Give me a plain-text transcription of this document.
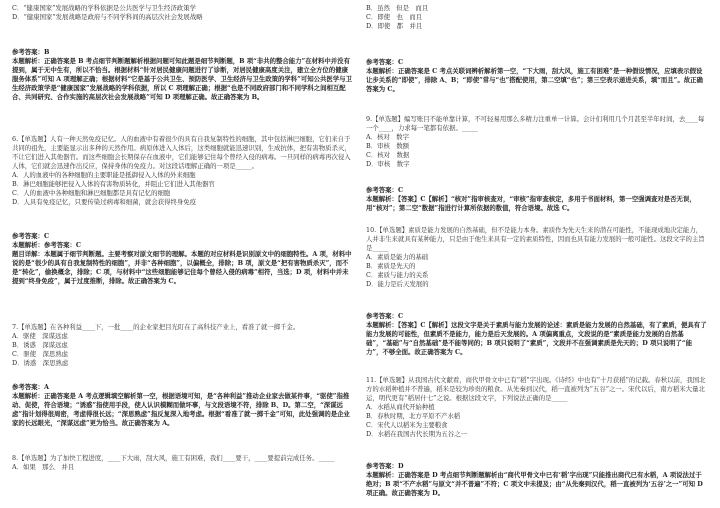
C．“健康国家”发展战略的学科依据是公共医学与卫生经济政策学

D．“健康国家”发展战略是政府与不同学科间的高层次社会发展战略

参考答案：B

本题解析：正确答案是 B 考点细节判断题解析根据问题可知此题是细节判断题，B 项“非共的整合能力”在材料中并没有提到，属于无中生有，所以不恰当。根据材料“针对居民健康问题进行了诊断，对居民健康高度关注，建立全方位的健康服务体系”可知 A 项理解正确；根据材料“它是基于公共卫生、预防医学、卫生经济与卫生政策的学科”可知公共医学与卫生经济政策学是“健康国家”发展战略的学科依据，所以 C 项理解正确；根据“也是不同政府部门和不同学科之间相互配合、共同研究、合作实施的高层次社会发展战略”可知 D 项理解正确。故正确答案为 B。

6.【单选题】人有一种天然免疫记忆。人的血液中有着很少的具有自我复制特性的细胞，其中包括淋巴细胞，它们来自于共同的祖先，主要能显示出多种的天然作用。病原体进入人体后，这类细胞就能迅速识别，生成抗体，把有害物质杀灭，不让它们进入其他器官。而这些细胞会长期保存在血液中，它们能够记住每个曾经入侵的病毒。一旦同样的病毒再次侵入人体，它们就会迅速作出反应，保持身体的免疫力。对这段话理解正确的一项是_____。

A．人的血液中的各种细胞的主要职能是抵御侵入人体的外来细胞

B．淋巴细胞能够把侵入人体的有害物质转化，并阻止它们进入其他器官

C．人的血液中各种细胞和淋巴细胞都是具有记忆的细胞

D．人具有免疫记忆，只要传染过病毒和细菌，就会获得终身免疫

参考答案：C

本题解析：参考答案：C

题目详解：本题属于细节判断题。主要考察对原文细节的理解。本题的对应材料是识别原文中的细胞特性。A 项，材料中说的是“很少的具有自我复制特性的细胞”，并非“各种细胞”，以偏概全，排除；B 项，原文是“把有害物质杀灭”，而不是“转化”，偷换概念，排除；C 项，与材料中“这些细胞能够记住每个曾经入侵的病毒”相符，当选；D 项，材料中并未提到“终身免疫”，属于过度推断，排除。故正确答案为 C。

7.【单选题】在各种利益____下，一批____的企业家把目光盯在了高科技产业上，看准了就一掷千金。

A．驱使　深谋远虑

B．诱惑　深谋远虑

C．驱使　深思熟虑

D．诱惑　深思熟虑

参考答案：A

本题解析：正确答案是 A 考点逻辑填空解析第一空，根据语境可知，是“各种利益”推动企业家去做某件事，“驱使”指推动、促使，符合语境；“诱惑”指使用手段，使人认识模糊而做坏事，与文段语境不符，排除 B、D。第二空，“深谋远虑”指计划得很周密，考虑得很长远；“深思熟虑”指反复深入地考虑。根据“看准了就一掷千金”可知，此处强调的是企业家的长远眼光，“深谋远虑”更为恰当。故正确答案为 A。

8.【单选题】为了加快工程进度，____下大雨，刮大风，施工有困难，我们____要干，____要提前完成任务。_____

A．如果　那么　并且

B．虽然　但是　而且

C．即使　也　而且

D．即使　都　并且

参考答案：C

本题解析：正确答案是 C 考点关联词辨析解析第一空，“下大雨，刮大风，施工有困难”是一种假设情况，应填表示假设让步关系的“即使”，排除 A、B；“即使”常与“也”搭配使用，第二空填“也”；第三空表示递进关系，填“而且”。故正确答案为 C。

9.【单选题】编写账目不能单靠计算，不可轻易用那么多精力注重单一计算。会计们利用几个月甚至半年时间，去____每一个____，力求每一笔都有依据。_____

A．核对　数字

B．审核　数额

C．核对　数据

D．审核　数字

参考答案：C

本题解析：【答案】C【解析】“核对”指审核查对，“审核”指审查核定，多用于书面材料，第一空强调查对是否无误，用“核对”；第二空“数据”指进行计算所依据的数值，符合语境。故选 C。

10.【单选题】素质是能力发展的自然基础，但不是能力本身。素质作为先天生来的潜在可能性，不能现成地决定能力，人并非生来就具有某种能力，只是由于他生来具有一定的素质特性，因而也具有能力发展的一般可能性。这段文字的主旨是_____

A．素质是能力的基础

B．素质是先天的

C．素质与能力的关系

D．能力是后天发展的

参考答案：C

本题解析：【答案】C【解析】这段文字是关于素质与能力发展的论述：素质是能力发展的自然基础，有了素质，便具有了能力发展的可能性，但素质不是能力，能力是后天发展的。A 项偏离重点，文段说的是“素质是能力发展的自然基础”，“基础”与“自然基础”是不能等同的；B 项只说明了“素质”，文段并不在强调素质是先天的；D 项只说明了“能力”，不够全面。故正确答案为 C。

11.【单选题】从我国古代文献看，商代甲骨文中已有“稻”字出现。《诗经》中也有“十月获稻”的记载。春秋以前，我国北方的水稻种植并不普遍，稻米是较为珍贵的粮食。从先秦到汉代，稻一直被列为“五谷”之一。宋代以后，南方稻米大量北运，明代更有“稻居什七”之说。根据这段文字，下列说法正确的是_____

A．水稻从商代开始种植

B．春秋时期，北方平原不产水稻

C．宋代人以稻米为主要粮食

D．水稻在我国古代长期为五谷之一

参考答案：D

本题解析：正确答案是 D 考点细节判断题解析由“商代甲骨文中已有‘稻’字出现”只能推出商代已有水稻，A 项说法过于绝对；B 项“不产水稻”与原文“并不普遍”不符；C 项文中未提及；由“从先秦到汉代，稻一直被列为‘五谷’之一”可知 D 项正确。故正确答案为 D。
